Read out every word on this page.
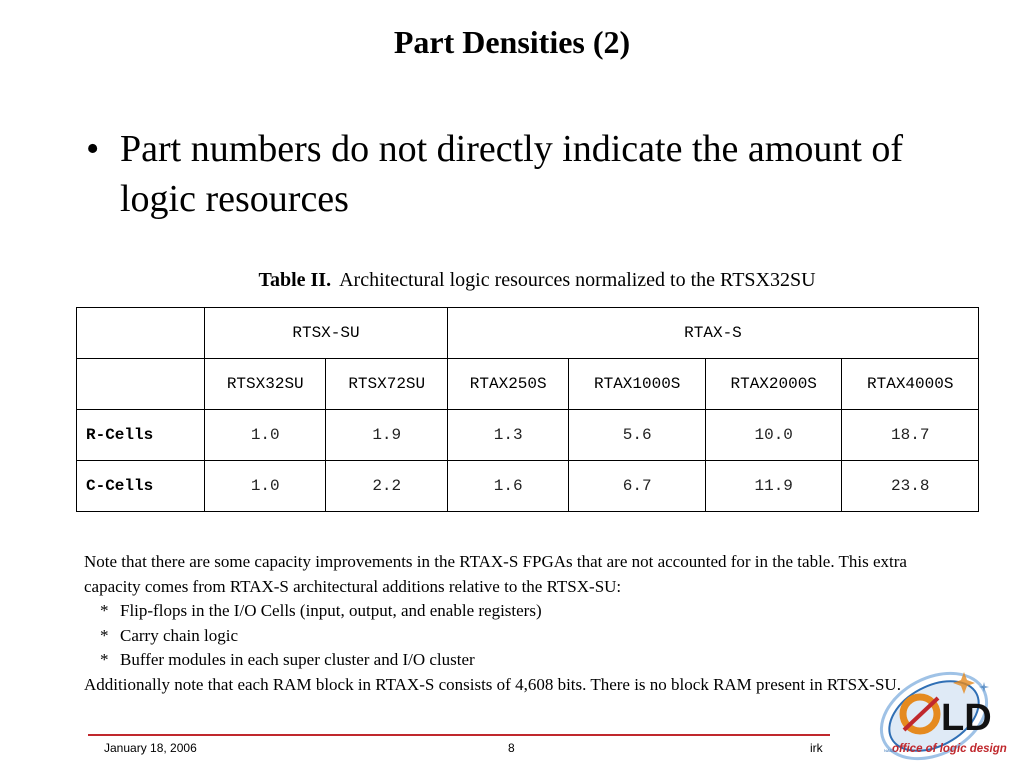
Part Densities (2)
• Part numbers do not directly indicate the amount of logic resources
Table II. Architectural logic resources normalized to the RTSX32SU
	RTSX-SU		RTAX-S			
	RTSX32SU	RTSX72SU	RTAX250S	RTAX1000S	RTAX2000S	RTAX4000S
R-Cells	1.0	1.9	1.3	5.6	10.0	18.7
C-Cells	1.0	2.2	1.6	6.7	11.9	23.8
Note that there are some capacity improvements in the RTAX-S FPGAs that are not accounted for in the table. This extra capacity comes from RTAX-S architectural additions relative to the RTSX-SU:
* Flip-flops in the I/O Cells (input, output, and enable registers)
* Carry chain logic
* Buffer modules in each super cluster and I/O cluster
Additionally note that each RAM block in RTAX-S consists of 4,608 bits. There is no block RAM present in RTSX-SU.
January 18, 2006	8	irk
LD
office of logic design
NASA
